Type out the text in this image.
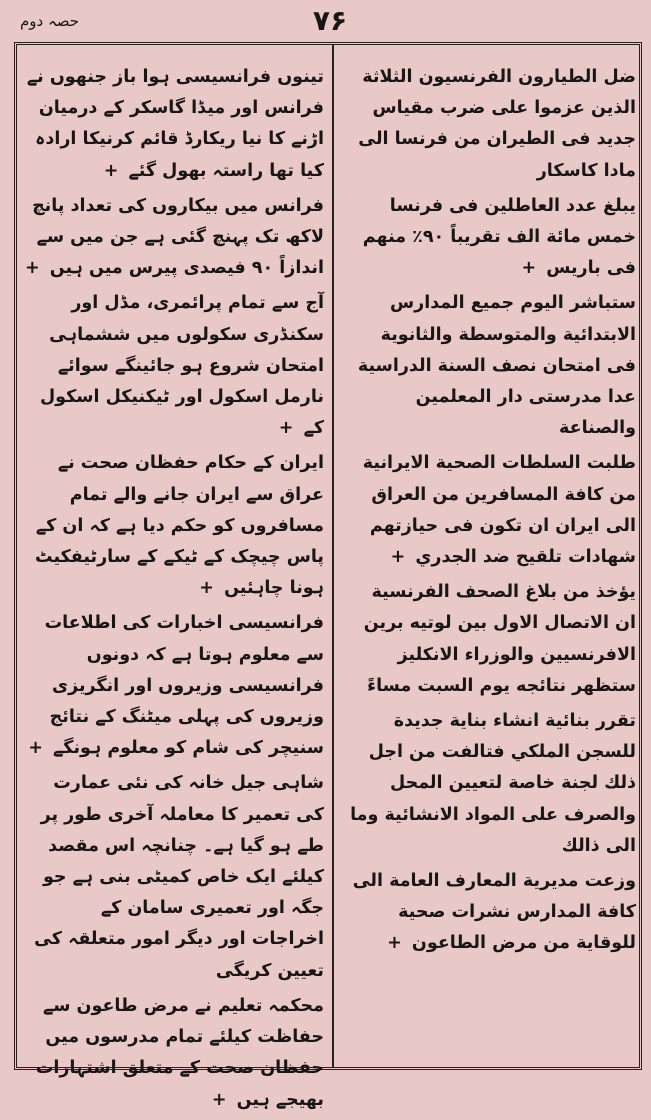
۷۶
حصہ دوم

ضل الطيارون الفرنسيون الثلاثة الذين عزموا على ضرب مقياس جديد فى الطيران من فرنسا الى مادا كاسكار

يبلغ عدد العاطلين فى فرنسا خمس مائة الف تقريباً ٩٠٪ منهم فى باريس +

ستباشر اليوم جميع المدارس الابتدائية والمتوسطة والثانوية فى امتحان نصف السنة الدراسية عدا مدرستى دار المعلمين والصناعة

طلبت السلطات الصحية الايرانية من كافة المسافرين من العراق الى ايران ان تكون فى حيازتهم شهادات تلقيح ضد الجدري +

يؤخذ من بلاغ الصحف الفرنسية ان الاتصال الاول بين لوتيه برين الافرنسيين والوزراء الانكليز ستظهر نتائجه يوم السبت مساءً

تقرر بنائية انشاء بناية جديدة للسجن الملكي فتالفت من اجل ذلك لجنة خاصة لتعيين المحل والصرف على المواد الانشائية وما الى ذالك

وزعت مديرية المعارف العامة الى كافة المدارس نشرات صحية للوقاية من مرض الطاعون +

تینوں فرانسیسی ہوا باز جنھوں نے فرانس اور میڈا گاسکر کے درمیان اڑنے کا نیا ریکارڈ قائم کرنیکا ارادہ کیا تھا راستہ بھول گئے +

فرانس میں بیکاروں کی تعداد پانچ لاکھ تک پہنچ گئی ہے جن میں سے اندازاً ۹۰ فیصدی پیرس میں ہیں +

آج سے تمام پرائمری، مڈل اور سکنڈری سکولوں میں ششماہی امتحان شروع ہو جائینگے سوائے نارمل اسکول اور ٹیکنیکل اسکول کے +

ایران کے حکام حفظان صحت نے عراق سے ایران جانے والے تمام مسافروں کو حکم دیا ہے کہ ان کے پاس چیچک کے ٹیکے کے سارٹیفکیٹ ہونا چاہئیں +

فرانسیسی اخبارات کی اطلاعات سے معلوم ہوتا ہے کہ دونوں فرانسیسی وزیروں اور انگریزی وزیروں کی پہلی میٹنگ کے نتائج سنیچر کی شام کو معلوم ہونگے +

شاہی جیل خانہ کی نئی عمارت کی تعمیر کا معاملہ آخری طور پر طے ہو گیا ہے۔ چنانچہ اس مقصد کیلئے ایک خاص کمیٹی بنی ہے جو جگہ اور تعمیری سامان کے اخراجات اور دیگر امور متعلقہ کی تعیین کریگی

محکمہ تعلیم نے مرض طاعون سے حفاظت کیلئے تمام مدرسوں میں حفظان صحت کے متعلق اشتہارات بھیجے ہیں +
